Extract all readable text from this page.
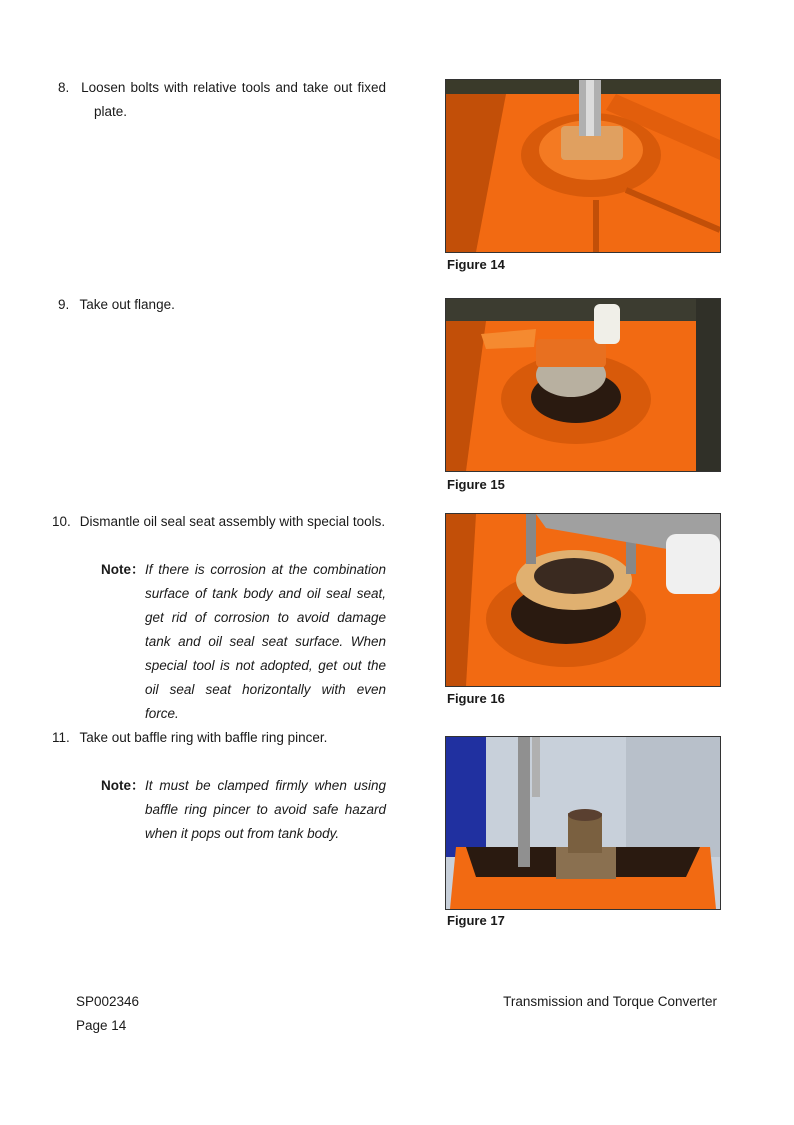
8. Loosen bolts with relative tools and take out fixed plate.
Figure 14
9. Take out flange.
Figure 15
10. Dismantle oil seal seat assembly with special tools.
Note： If there is corrosion at the combination surface of tank body and oil seal seat, get rid of corrosion to avoid damage tank and oil seal seat surface. When special tool is not adopted, get out the oil seal seat horizontally with even force.
Figure 16
11. Take out baffle ring with baffle ring pincer.
Note： It must be clamped firmly when using baffle ring pincer to avoid safe hazard when it pops out from tank body.
Figure 17
SP002346	Transmission and Torque Converter
Page 14
